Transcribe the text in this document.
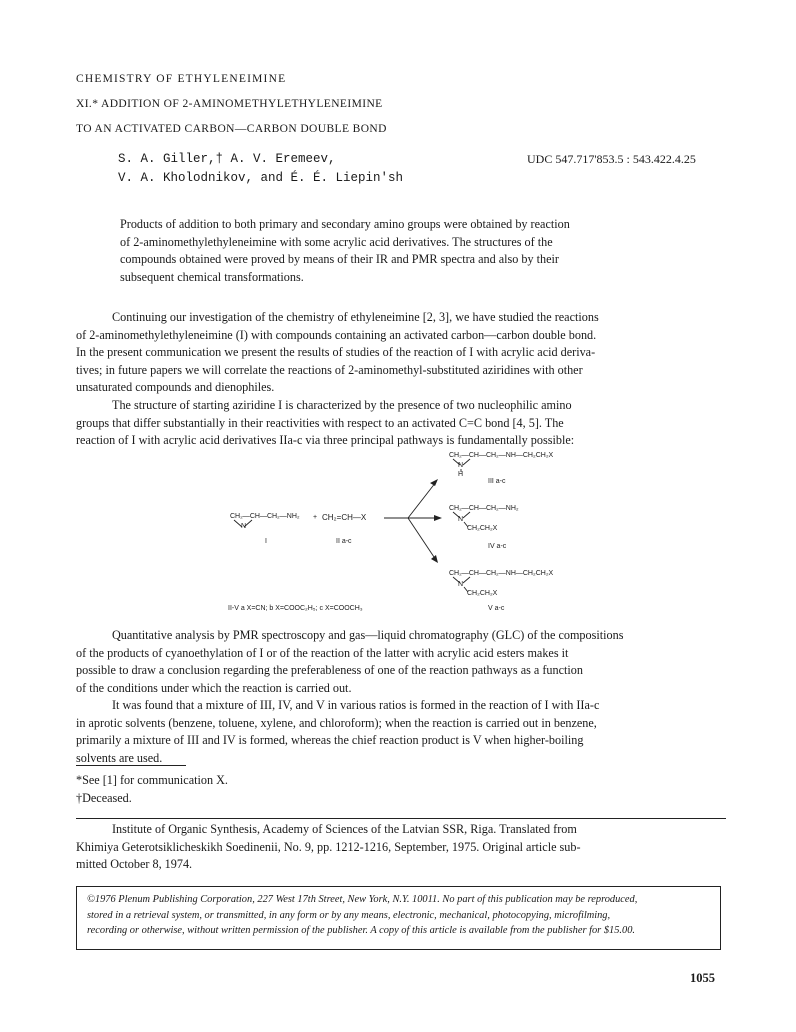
CHEMISTRY OF ETHYLENEIMINE
XI.* ADDITION OF 2-AMINOMETHYLETHYLENEIMINE
TO AN ACTIVATED CARBON—CARBON DOUBLE BOND
S. A. Giller,† A. V. Eremeev,
V. A. Kholodnikov, and É. É. Liepin'sh
UDC 547.717'853.5 : 543.422.4.25

Products of addition to both primary and secondary amino groups were obtained by reaction

of 2-aminomethylethyleneimine with some acrylic acid derivatives. The structures of the

compounds obtained were proved by means of their IR and PMR spectra and also by their

subsequent chemical transformations.

Continuing our investigation of the chemistry of ethyleneimine [2, 3], we have studied the reactions

of 2-aminomethylethyleneimine (I) with compounds containing an activated carbon—carbon double bond.

In the present communication we present the results of studies of the reaction of I with acrylic acid deriva-

tives; in future papers we will correlate the reactions of 2-aminomethyl-substituted aziridines with other

unsaturated compounds and dienophiles.

The structure of starting aziridine I is characterized by the presence of two nucleophilic amino

groups that differ substantially in their reactivities with respect to an activated C=C bond [4, 5]. The

reaction of I with acrylic acid derivatives IIa-c via three principal pathways is fundamentally possible:

CH₂—CH—CH₂—NH₂
N
I
+ CH₂=CH—X
II a-c
CH₂—CH—CH₂—NH—CH₂CH₂X
N
H
III a-c
CH₂—CH—CH₂—NH₂
N
CH₂CH₂X
IV a-c
CH₂—CH—CH₂—NH—CH₂CH₂X
N
CH₂CH₂X
V a-c
II-V a X=CN; b X=COOC₂H₅; c X=COOCH₃

Quantitative analysis by PMR spectroscopy and gas—liquid chromatography (GLC) of the compositions

of the products of cyanoethylation of I or of the reaction of the latter with acrylic acid esters makes it

possible to draw a conclusion regarding the preferableness of one of the reaction pathways as a function

of the conditions under which the reaction is carried out.

It was found that a mixture of III, IV, and V in various ratios is formed in the reaction of I with IIa-c

in aprotic solvents (benzene, toluene, xylene, and chloroform); when the reaction is carried out in benzene,

primarily a mixture of III and IV is formed, whereas the chief reaction product is V when higher-boiling

solvents are used.

*See [1] for communication X.
†Deceased.

Institute of Organic Synthesis, Academy of Sciences of the Latvian SSR, Riga. Translated from

Khimiya Geterotsiklicheskikh Soedinenii, No. 9, pp. 1212-1216, September, 1975. Original article sub-

mitted October 8, 1974.

©1976 Plenum Publishing Corporation, 227 West 17th Street, New York, N.Y. 10011. No part of this publication may be reproduced,
stored in a retrieval system, or transmitted, in any form or by any means, electronic, mechanical, photocopying, microfilming,
recording or otherwise, without written permission of the publisher. A copy of this article is available from the publisher for $15.00.
1055
